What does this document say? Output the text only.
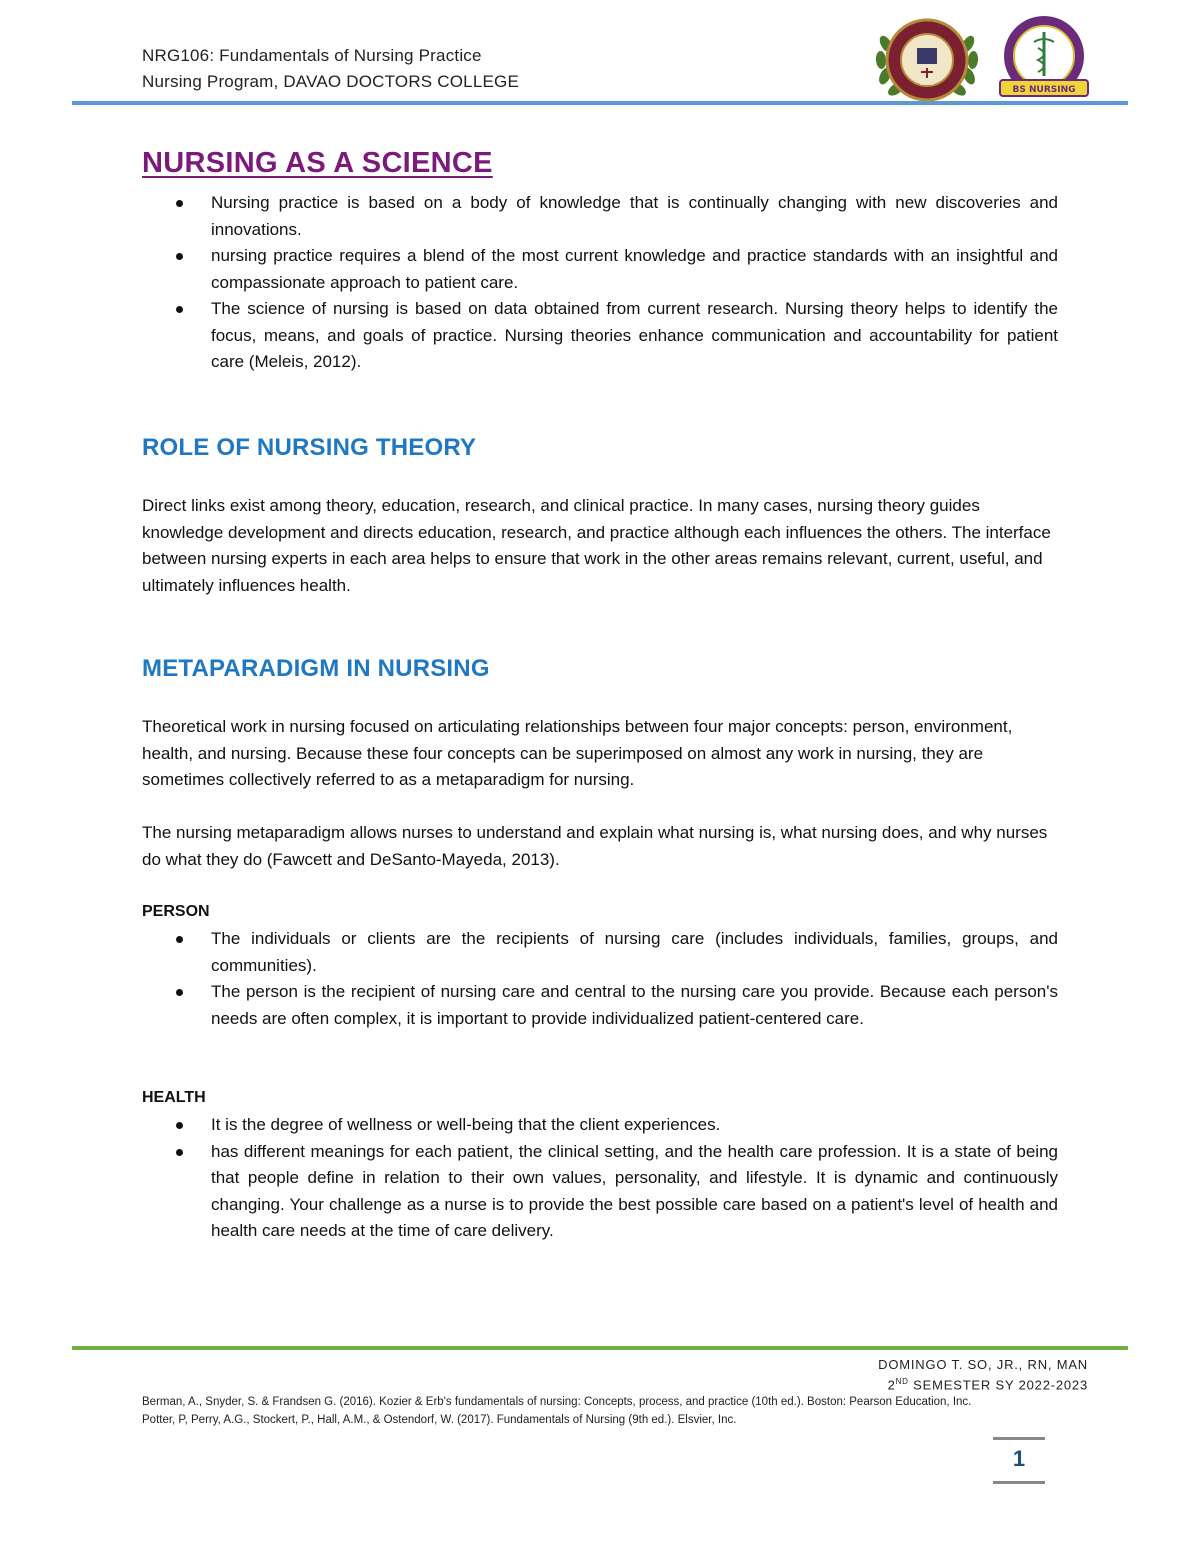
NRG106: Fundamentals of Nursing Practice
Nursing Program, DAVAO DOCTORS COLLEGE	1975
BS NURSING
NURSING AS A SCIENCE
Nursing practice is based on a body of knowledge that is continually changing with new discoveries and innovations.
nursing practice requires a blend of the most current knowledge and practice standards with an insightful and compassionate approach to patient care.
The science of nursing is based on data obtained from current research. Nursing theory helps to identify the focus, means, and goals of practice. Nursing theories enhance communication and accountability for patient care (Meleis, 2012).
ROLE OF NURSING THEORY

Direct links exist among theory, education, research, and clinical practice. In many cases, nursing theory guides knowledge development and directs education, research, and practice although each influences the others. The interface between nursing experts in each area helps to ensure that work in the other areas remains relevant, current, useful, and ultimately influences health.

METAPARADIGM IN NURSING

Theoretical work in nursing focused on articulating relationships between four major concepts: person, environment, health, and nursing. Because these four concepts can be superimposed on almost any work in nursing, they are sometimes collectively referred to as a metaparadigm for nursing.

The nursing metaparadigm allows nurses to understand and explain what nursing is, what nursing does, and why nurses do what they do (Fawcett and DeSanto-Mayeda, 2013).

PERSON
The individuals or clients are the recipients of nursing care (includes individuals, families, groups, and communities).
The person is the recipient of nursing care and central to the nursing care you provide. Because each person's needs are often complex, it is important to provide individualized patient-centered care.
HEALTH
It is the degree of wellness or well-being that the client experiences.
has different meanings for each patient, the clinical setting, and the health care profession. It is a state of being that people define in relation to their own values, personality, and lifestyle. It is dynamic and continuously changing. Your challenge as a nurse is to provide the best possible care based on a patient's level of health and health care needs at the time of care delivery.
DOMINGO T. SO, JR., RN, MAN
2ND SEMESTER SY 2022-2023
Berman, A., Snyder, S. & Frandsen G. (2016). Kozier & Erb's fundamentals of nursing: Concepts, process, and practice (10th ed.). Boston: Pearson Education, Inc.
Potter, P, Perry, A.G., Stockert, P., Hall, A.M., & Ostendorf, W. (2017). Fundamentals of Nursing (9th ed.). Elsvier, Inc.
1
